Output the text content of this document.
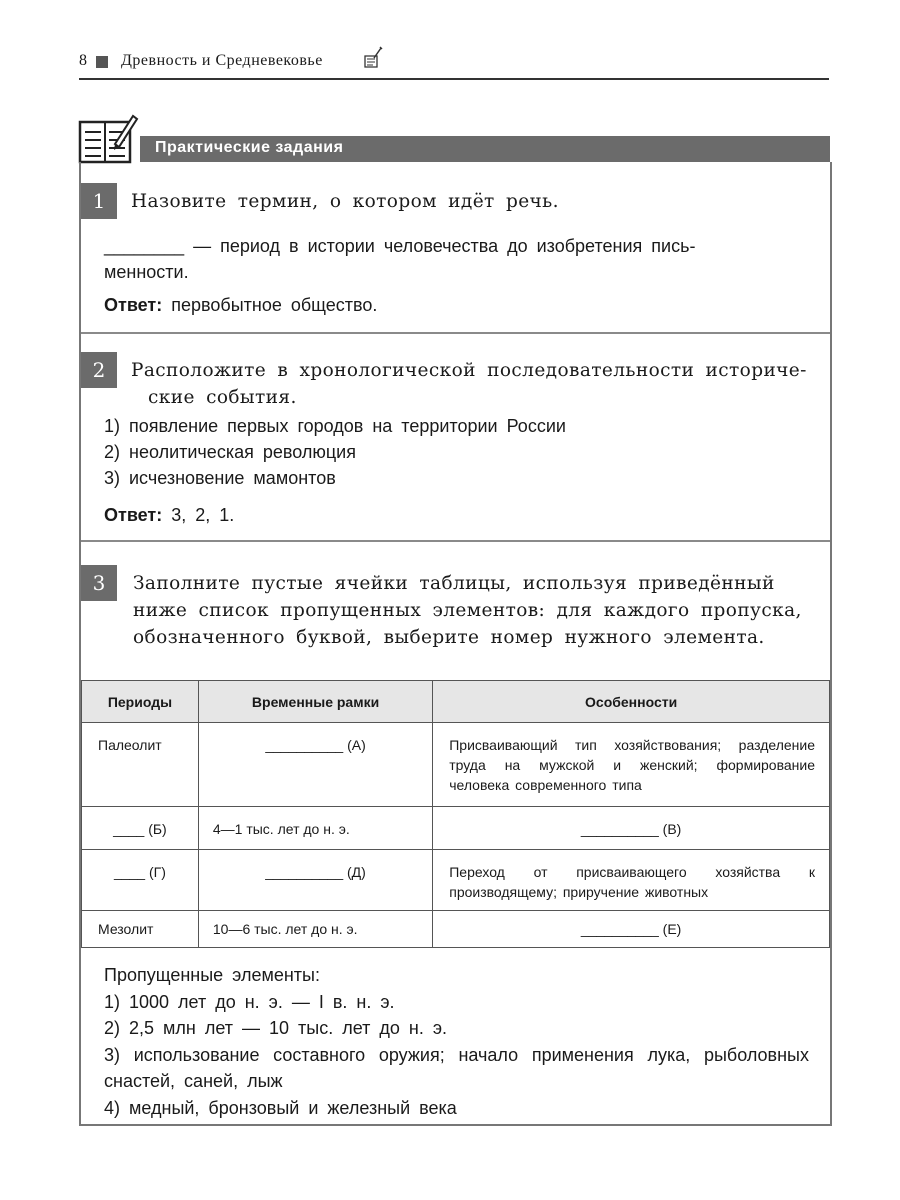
8 Древность и Средневековье
Практические задания
1	Назовите термин, о котором идёт речь.
________ — период в истории человечества до изобретения пись-
менности.
Ответ: первобытное общество.
2	Расположите в хронологической последовательности историче-
ские события.
1) появление первых городов на территории России
2) неолитическая революция
3) исчезновение мамонтов
Ответ: 3, 2, 1.
3	Заполните пустые ячейки таблицы, используя приведённый
ниже список пропущенных элементов: для каждого пропуска,
обозначенного буквой, выберите номер нужного элемента.
Периоды	Временные рамки	Особенности
Палеолит	__________ (А)	Присваивающий тип хозяйствования; разделение труда на мужской и женский; формирование человека современного типа
____ (Б)	4—1 тыс. лет до н. э.	__________ (В)
____ (Г)	__________ (Д)	Переход от присваивающего хозяйства к производящему; приручение животных
Мезолит	10—6 тыс. лет до н. э.	__________ (Е)
Пропущенные элементы:
1) 1000 лет до н. э. — I в. н. э.
2) 2,5 млн лет — 10 тыс. лет до н. э.
3) использование составного оружия; начало применения лука, рыболовных снастей, саней, лыж
4) медный, бронзовый и железный века
